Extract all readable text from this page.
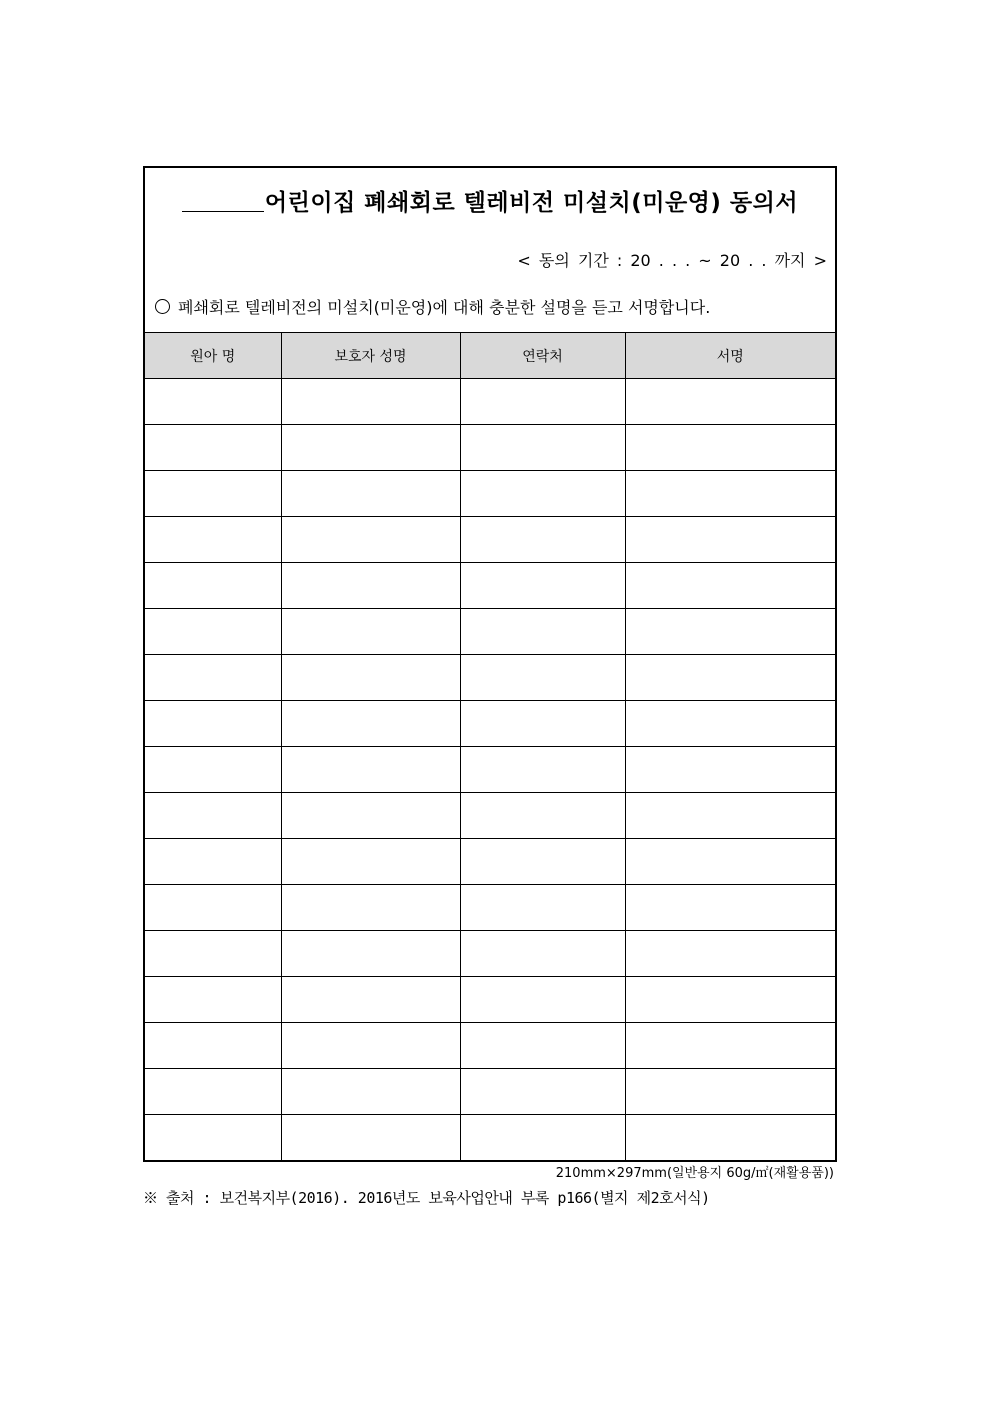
어린이집 폐쇄회로 텔레비전 미설치(미운영) 동의서
< 동의 기간 : 20 . . . ~ 20 . . 까지 >
폐쇄회로 텔레비전의 미설치(미운영)에 대해 충분한 설명을 듣고 서명합니다.
원아 명	보호자 성명	연락처	서명

210mm×297mm(일반용지 60g/㎡(재활용품))
※ 출처 : 보건복지부(2016). 2016년도 보육사업안내 부록 p166(별지 제2호서식)
